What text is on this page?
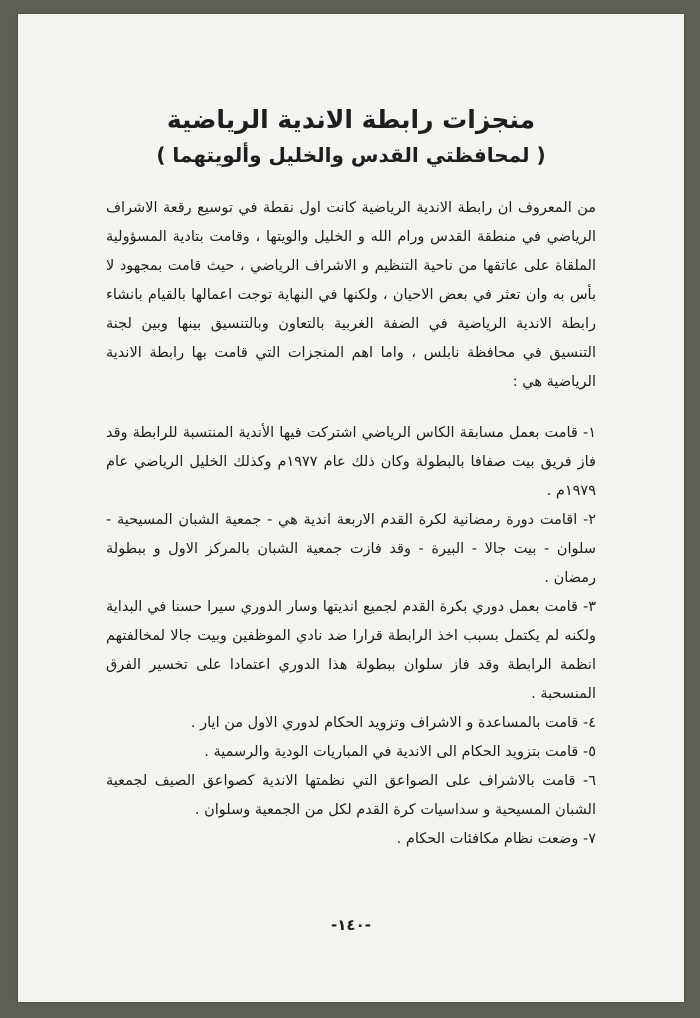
منجزات رابطة الاندية الرياضية
( لمحافظتي القدس والخليل وألويتهما )

من المعروف ان رابطة الاندية الرياضية كانت اول نقطة في توسيع رقعة الاشراف الرياضي في منطقة القدس ورام الله و الخليل والويتها ، وقامت بتادية المسؤولية الملقاة على عاتقها من ناحية التنظيم و الاشراف الرياضي ، حيث قامت بمجهود لا بأس به وان تعثر في بعض الاحيان ، ولكنها في النهاية توجت اعمالها بالقيام بانشاء رابطة الاندية الرياضية في الضفة الغربية بالتعاون وبالتنسيق بينها وبين لجنة التنسيق في محافظة نابلس ، واما اهم المنجزات التي قامت بها رابطة الاندية الرياضية هي :

١- قامت بعمل مسابقة الكاس الرياضي اشتركت فيها الأندية المنتسبة للرابطة وقد فاز فريق بيت صفافا بالبطولة وكان ذلك عام ١٩٧٧م وكذلك الخليل الرياضي عام ١٩٧٩م .
٢- اقامت دورة رمضانية لكرة القدم الاربعة اندية هي - جمعية الشبان المسيحية - سلوان - بيت جالا - البيرة - وقد فازت جمعية الشبان بالمركز الاول و ببطولة رمضان .
٣- قامت بعمل دوري بكرة القدم لجميع انديتها وسار الدوري سيرا حسنا في البداية ولكنه لم يكتمل بسبب اخذ الرابطة قرارا ضد نادي الموظفين وبيت جالا لمخالفتهم انظمة الرابطة وقد فاز سلوان ببطولة هذا الدوري اعتمادا على تخسير الفرق المنسحبة .
٤- قامت بالمساعدة و الاشراف وتزويد الحكام لدوري الاول من ايار .
٥- قامت بتزويد الحكام الى الاندية في المباريات الودية والرسمية .
٦- قامت بالاشراف على الصواعق التي نظمتها الاندية كصواعق الصيف لجمعية الشبان المسيحية و سداسيات كرة القدم لكل من الجمعية وسلوان .
٧- وضعت نظام مكافئات الحكام .
-١٤٠-
